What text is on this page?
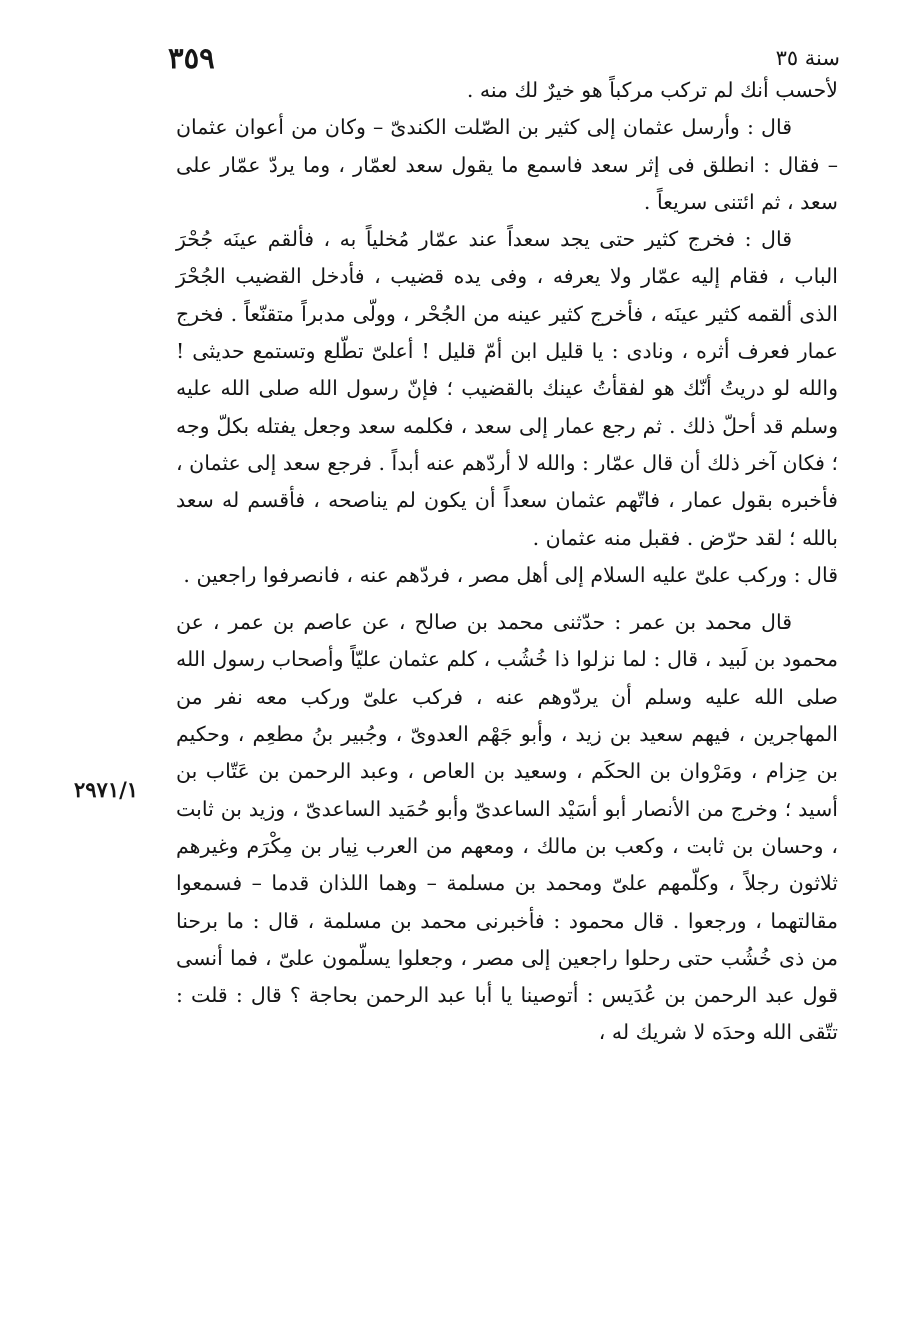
٣٥٩	سنة ٣٥
٢٩٧١/١

لأحسب أنك لم تركب مركباً هو خيرٌ لك منه .

قال : وأرسل عثمان إلى كثير بن الصّلت الكندىّ – وكان من أعوان عثمان – فقال : انطلق فى إثر سعد فاسمع ما يقول سعد لعمّار ، وما يردّ عمّار على سعد ، ثم ائتنى سريعاً .

قال : فخرج كثير حتى يجد سعداً عند عمّار مُخلياً به ، فألقم عينَه جُحْرَ الباب ، فقام إليه عمّار ولا يعرفه ، وفى يده قضيب ، فأدخل القضيب الجُحْرَ الذى ألقمه كثير عينَه ، فأخرج كثير عينه من الجُحْر ، وولّى مدبراً متقنّعاً . فخرج عمار فعرف أثره ، ونادى : يا قليل ابن أمّ قليل ! أعلىّ تطّلع وتستمع حديثى ! والله لو دريتُ أنّك هو لفقأتُ عينك بالقضيب ؛ فإنّ رسول الله صلى الله عليه وسلم قد أحلّ ذلك . ثم رجع عمار إلى سعد ، فكلمه سعد وجعل يفتله بكلّ وجه ؛ فكان آخر ذلك أن قال عمّار : والله لا أردّهم عنه أبداً . فرجع سعد إلى عثمان ، فأخبره بقول عمار ، فاتّهم عثمان سعداً أن يكون لم يناصحه ، فأقسم له سعد بالله ؛ لقد حرّض . فقبل منه عثمان .

قال : وركب علىّ عليه السلام إلى أهل مصر ، فردّهم عنه ، فانصرفوا راجعين .

قال محمد بن عمر : حدّثنى محمد بن صالح ، عن عاصم بن عمر ، عن محمود بن لَبيد ، قال : لما نزلوا ذا خُشُب ، كلم عثمان عليّاً وأصحاب رسول الله صلى الله عليه وسلم أن يردّوهم عنه ، فركب علىّ وركب معه نفر من المهاجرين ، فيهم سعيد بن زيد ، وأبو جَهْم العدوىّ ، وجُبير بنُ مطعِم ، وحكيم بن حِزام ، ومَرْوان بن الحكَم ، وسعيد بن العاص ، وعبد الرحمن بن عَتّاب بن أسيد ؛ وخرج من الأنصار أبو أسَيْد الساعدىّ وأبو حُمَيد الساعدىّ ، وزيد بن ثابت ، وحسان بن ثابت ، وكعب بن مالك ، ومعهم من العرب نِيار بن مِكْرَم وغيرهم ثلاثون رجلاً ، وكلّمهم علىّ ومحمد بن مسلمة – وهما اللذان قدما – فسمعوا مقالتهما ، ورجعوا . قال محمود : فأخبرنى محمد بن مسلمة ، قال : ما برحنا من ذى خُشُب حتى رحلوا راجعين إلى مصر ، وجعلوا يسلّمون علىّ ، فما أنسى قول عبد الرحمن بن عُدَيس : أتوصينا يا أبا عبد الرحمن بحاجة ؟ قال : قلت : تتّقى الله وحدَه لا شريك له ،
